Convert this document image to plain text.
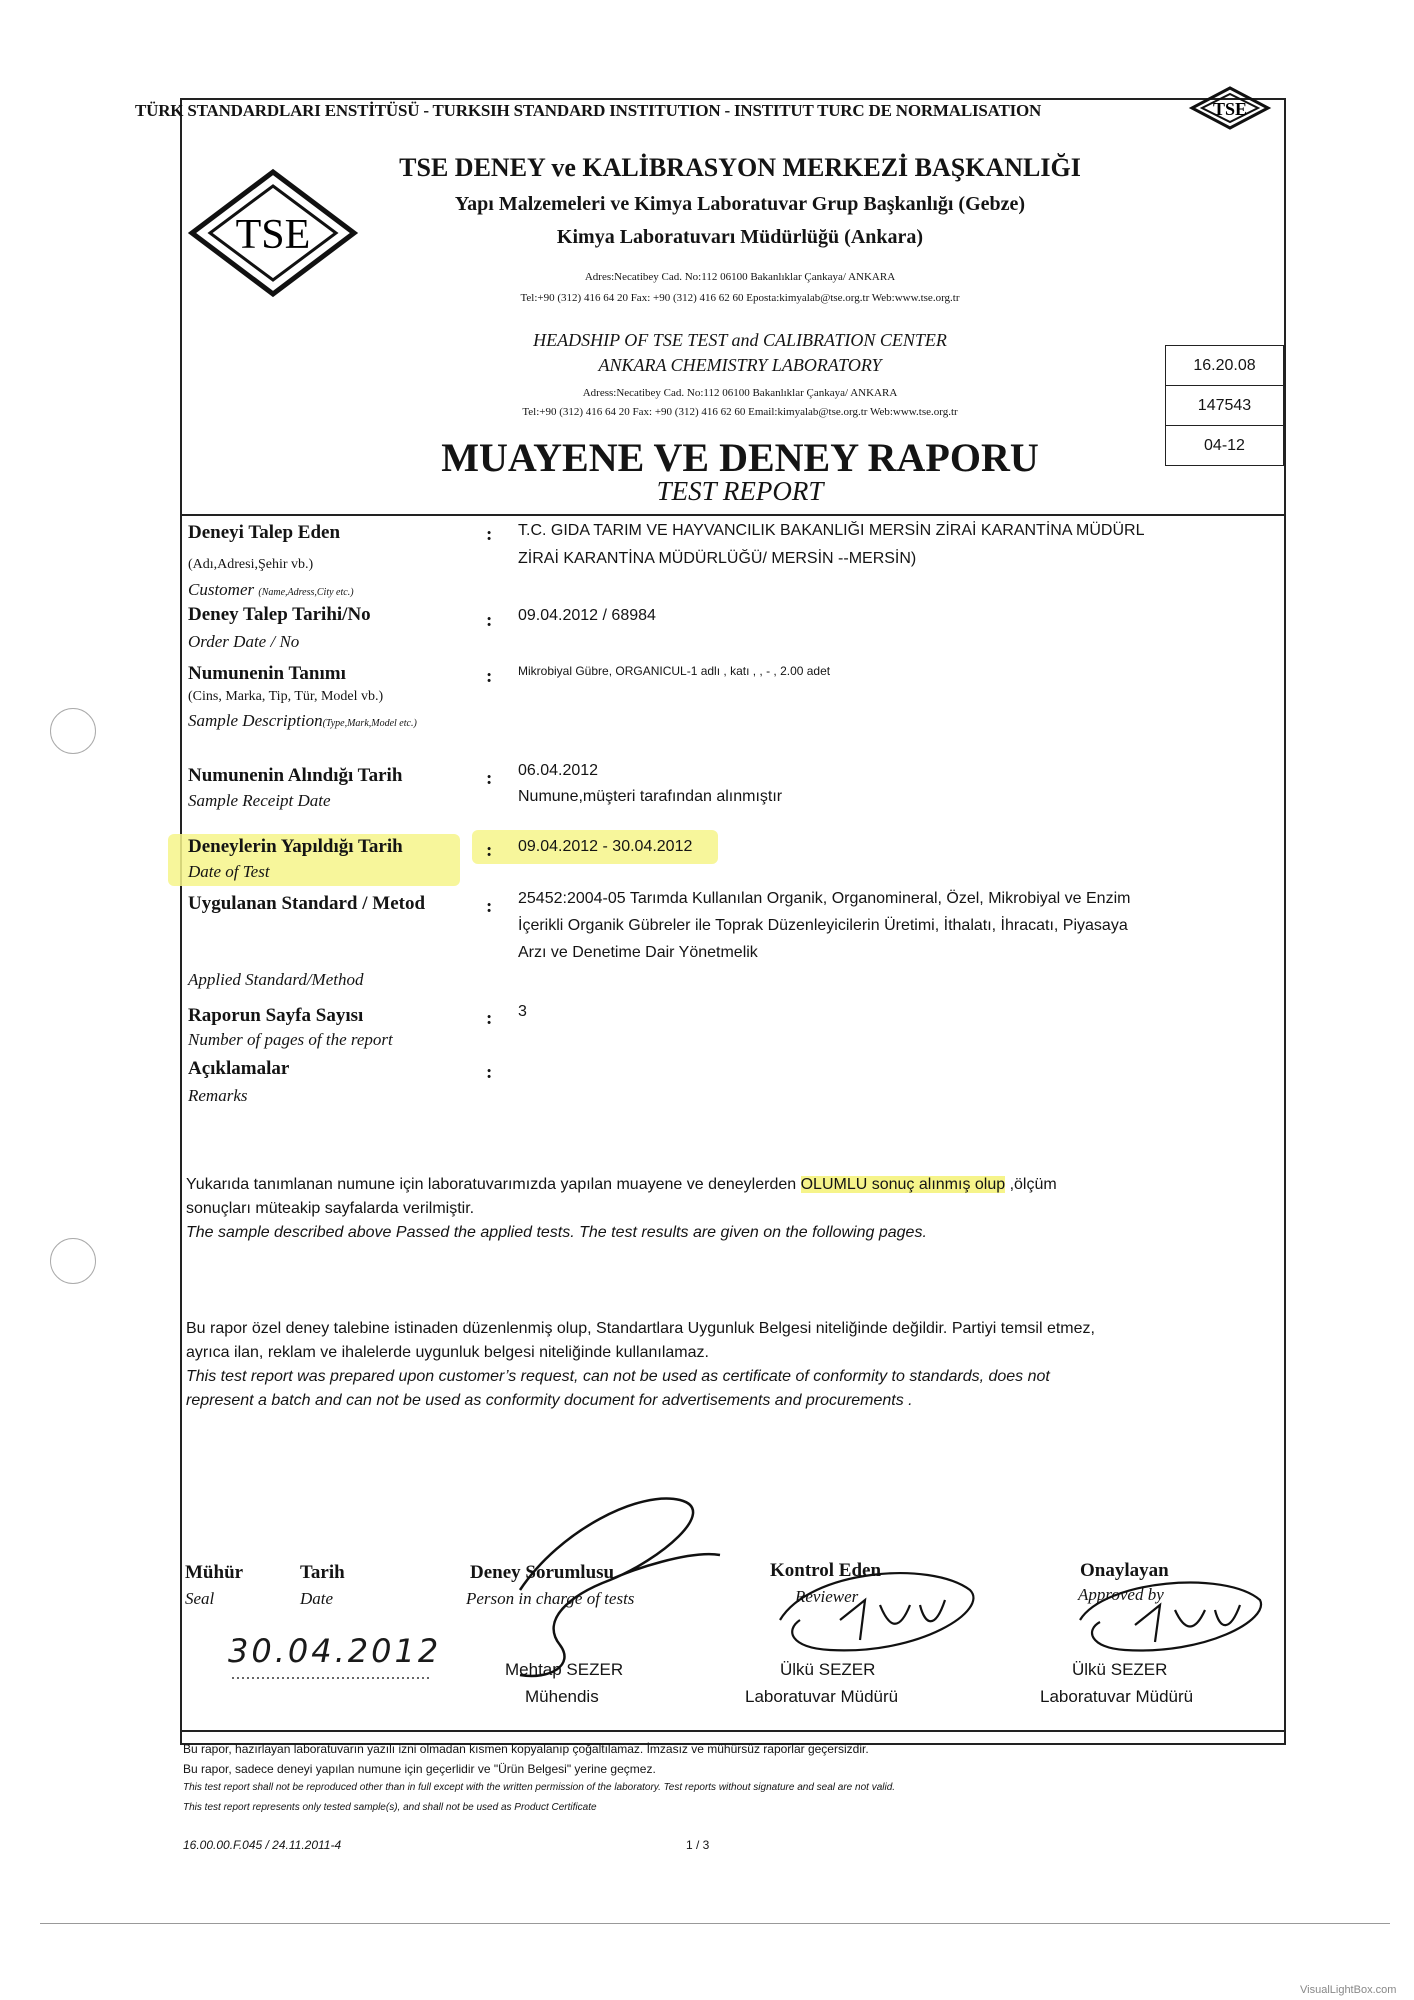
TÜRK STANDARDLARI ENSTİTÜSÜ - TURKSIH STANDARD INSTITUTION - INSTITUT TURC DE NORMALISATION	TSE
TSE
TSE DENEY ve KALİBRASYON MERKEZİ BAŞKANLIĞI
Yapı Malzemeleri ve Kimya Laboratuvar Grup Başkanlığı (Gebze)
Kimya Laboratuvarı Müdürlüğü (Ankara)
Adres:Necatibey Cad. No:112 06100 Bakanlıklar Çankaya/ ANKARA
Tel:+90 (312) 416 64 20 Fax: +90 (312) 416 62 60 Eposta:kimyalab@tse.org.tr Web:www.tse.org.tr
HEADSHIP OF TSE TEST and CALIBRATION CENTER
ANKARA CHEMISTRY LABORATORY
Adress:Necatibey Cad. No:112 06100 Bakanlıklar Çankaya/ ANKARA
Tel:+90 (312) 416 64 20 Fax: +90 (312) 416 62 60 Email:kimyalab@tse.org.tr Web:www.tse.org.tr
16.20.08
147543
04-12
MUAYENE VE DENEY RAPORU
TEST REPORT
Deneyi Talep Eden
(Adı,Adresi,Şehir vb.)
Customer (Name,Adress,City etc.)
: T.C. GIDA TARIM VE HAYVANCILIK BAKANLIĞI MERSİN ZİRAİ KARANTİNA MÜDÜRL
ZİRAİ KARANTİNA MÜDÜRLÜĞÜ/ MERSİN --MERSİN)
Deney Talep Tarihi/No
Order Date / No
: 09.04.2012 / 68984
Numunenin Tanımı
(Cins, Marka, Tip, Tür, Model vb.)
Sample Description(Type,Mark,Model etc.)
: Mikrobiyal Gübre, ORGANICUL-1 adlı , katı , , - , 2.00 adet
Numunenin Alındığı Tarih
Sample Receipt Date
: 06.04.2012
Numune,müşteri tarafından alınmıştır
Deneylerin Yapıldığı Tarih
Date of Test
: 09.04.2012 - 30.04.2012
Uygulanan Standard / Metod
Applied Standard/Method
: 25452:2004-05 Tarımda Kullanılan Organik, Organomineral, Özel, Mikrobiyal ve Enzim
İçerikli Organik Gübreler ile Toprak Düzenleyicilerin Üretimi, İthalatı, İhracatı, Piyasaya
Arzı ve Denetime Dair Yönetmelik
Raporun Sayfa Sayısı
Number of pages of the report
: 3
Açıklamalar
Remarks
:
Yukarıda tanımlanan numune için laboratuvarımızda yapılan muayene ve deneylerden OLUMLU sonuç alınmış olup ,ölçüm
sonuçları müteakip sayfalarda verilmiştir.
The sample described above Passed the applied tests. The test results are given on the following pages.
Bu rapor özel deney talebine istinaden düzenlenmiş olup, Standartlara Uygunluk Belgesi niteliğinde değildir. Partiyi temsil etmez,
ayrıca ilan, reklam ve ihalelerde uygunluk belgesi niteliğinde kullanılamaz.
This test report was prepared upon customer’s request, can not be used as certificate of conformity to standards, does not
represent a batch and can not be used as conformity document for advertisements and procurements .
Mühür
Seal
Tarih
Date
30.04.2012
Deney Sorumlusu
Person in charge of tests
Mehtap SEZER
Mühendis
Kontrol Eden
Reviewer
Ülkü SEZER
Laboratuvar Müdürü
Onaylayan
Approved by
Ülkü SEZER
Laboratuvar Müdürü
Bu rapor, hazırlayan laboratuvarın yazılı izni olmadan kısmen kopyalanıp çoğaltılamaz. İmzasız ve mühürsüz raporlar geçersizdir.
Bu rapor, sadece deneyi yapılan numune için geçerlidir ve "Ürün Belgesi" yerine geçmez.
This test report shall not be reproduced other than in full except with the written permission of the laboratory. Test reports without signature and seal are not valid.
This test report represents only tested sample(s), and shall not be used as Product Certificate
16.00.00.F.045 / 24.11.2011-4	1 / 3
VisualLightBox.com
